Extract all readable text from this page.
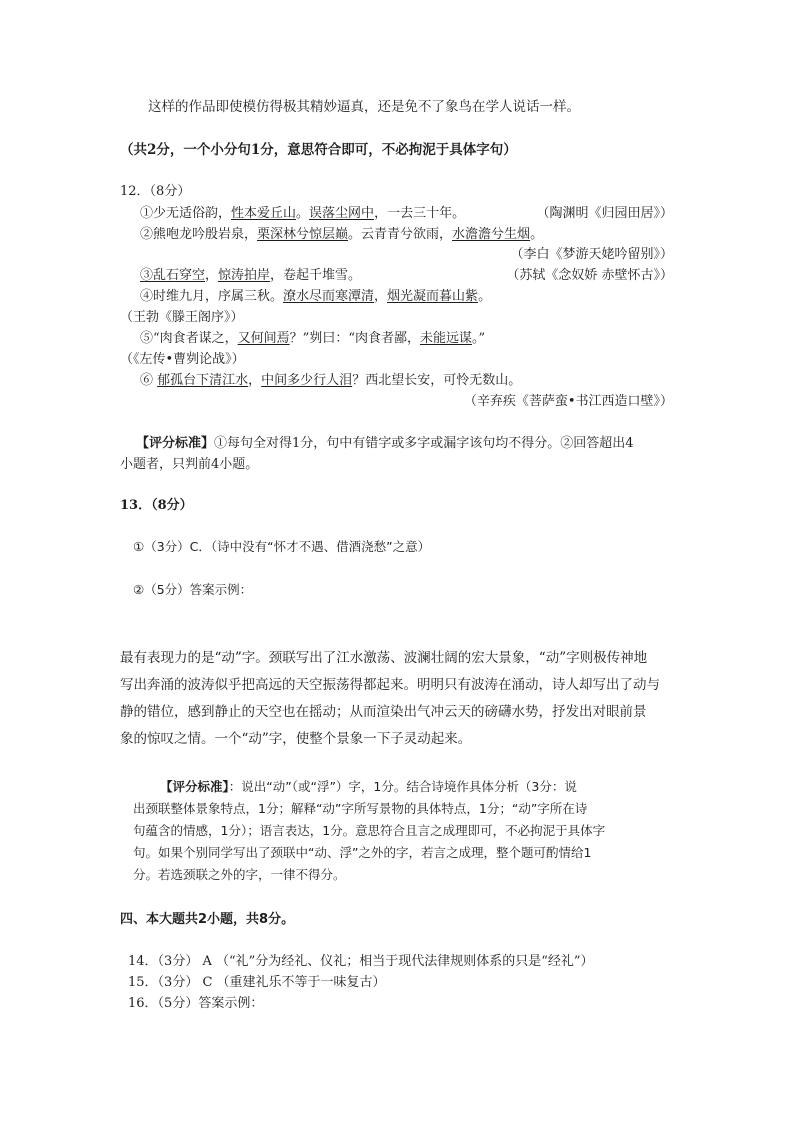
这样的作品即使模仿得极其精妙逼真，还是免不了象鸟在学人说话一样。
（共2分，一个小分句1分，意思符合即可，不必拘泥于具体字句）
12．（8分）
①少无适俗韵，性本爱丘山。误落尘网中，一去三十年。	（陶渊明《归园田居》）
②熊咆龙吟殷岩泉，栗深林兮惊层巅。云青青兮欲雨，水澹澹兮生烟。
（李白《梦游天姥吟留别》）
③乱石穿空，惊涛拍岸，卷起千堆雪。	（苏轼《念奴娇 赤壁怀古》）
④时维九月，序属三秋。潦水尽而寒潭清，烟光凝而暮山紫。
（王勃《滕王阁序》）
⑤“肉食者谋之，又何间焉？”刿曰：“肉食者鄙，未能远谋。”
（《左传•曹刿论战》）
⑥ 郁孤台下清江水，中间多少行人泪？西北望长安，可怜无数山。
（辛弃疾《菩萨蛮•书江西造口壁》）
【评分标准】①每句全对得1分，句中有错字或多字或漏字该句均不得分。②回答超出4
小题者，只判前4小题。
13．（8分）
①（3分）C．（诗中没有“怀才不遇、借酒浇愁”之意）
②（5分）答案示例：
最有表现力的是“动”字。颈联写出了江水激荡、波澜壮阔的宏大景象，“动”字则极传神地
写出奔涌的波涛似乎把高远的天空振荡得都起来。明明只有波涛在涌动，诗人却写出了动与
静的错位，感到静止的天空也在摇动；从而渲染出气冲云天的磅礴水势，抒发出对眼前景
象的惊叹之情。一个“动”字，使整个景象一下子灵动起来。
【评分标准】：说出“动”（或“浮”）字，1分。结合诗境作具体分析（3分：说
出颈联整体景象特点，1分；解释“动”字所写景物的具体特点，1分；“动”字所在诗
句蕴含的情感，1分）；语言表达，1分。意思符合且言之成理即可，不必拘泥于具体字
句。如果个别同学写出了颈联中“动、浮”之外的字，若言之成理，整个题可酌情给1
分。若选颈联之外的字，一律不得分。
四、本大题共2小题，共8分。
14．（3分） A （“礼”分为经礼、仪礼；相当于现代法律规则体系的只是“经礼”）
15．（3分） C （重建礼乐不等于一味复古）
16．（5分）答案示例：
